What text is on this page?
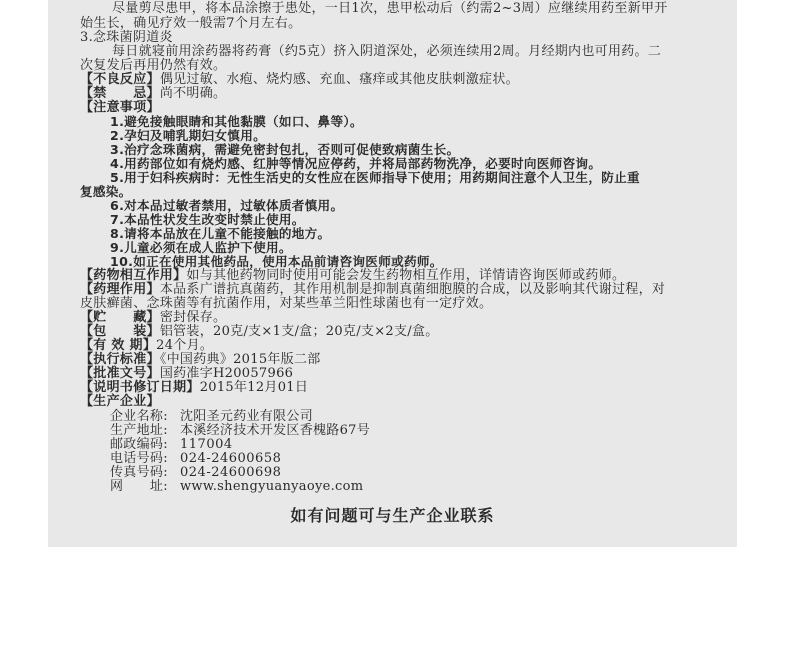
尽量剪尽患甲，将本品涂擦于患处，一日1次，患甲松动后（约需2~3周）应继续用药至新甲开
始生长，确见疗效一般需7个月左右。
3.念珠菌阴道炎
每日就寝前用涂药器将药膏（约5克）挤入阴道深处，必须连续用2周。月经期内也可用药。二
次复发后再用仍然有效。
【不良反应】偶见过敏、水疱、烧灼感、充血、瘙痒或其他皮肤刺激症状。
【禁　　忌】尚不明确。
【注意事项】
1.避免接触眼睛和其他黏膜（如口、鼻等）。
2.孕妇及哺乳期妇女慎用。
3.治疗念珠菌病，需避免密封包扎，否则可促使致病菌生长。
4.用药部位如有烧灼感、红肿等情况应停药，并将局部药物洗净，必要时向医师咨询。
5.用于妇科疾病时：无性生活史的女性应在医师指导下使用；用药期间注意个人卫生，防止重
复感染。
6.对本品过敏者禁用，过敏体质者慎用。
7.本品性状发生改变时禁止使用。
8.请将本品放在儿童不能接触的地方。
9.儿童必须在成人监护下使用。
10.如正在使用其他药品，使用本品前请咨询医师或药师。
【药物相互作用】如与其他药物同时使用可能会发生药物相互作用，详情请咨询医师或药师。
【药理作用】本品系广谱抗真菌药，其作用机制是抑制真菌细胞膜的合成，以及影响其代谢过程，对
皮肤癣菌、念珠菌等有抗菌作用，对某些革兰阳性球菌也有一定疗效。
【贮　　藏】密封保存。
【包　　装】铝管装，20克/支×1支/盒；20克/支×2支/盒。
【有 效 期】24个月。
【执行标准】《中国药典》2015年版二部
【批准文号】国药准字H20057966
【说明书修订日期】2015年12月01日
【生产企业】
企业名称: 沈阳圣元药业有限公司
生产地址: 本溪经济技术开发区香槐路67号
邮政编码: 117004
电话号码: 024-24600658
传真号码: 024-24600698
网　　址: www.shengyuanyaoye.com
如有问题可与生产企业联系
